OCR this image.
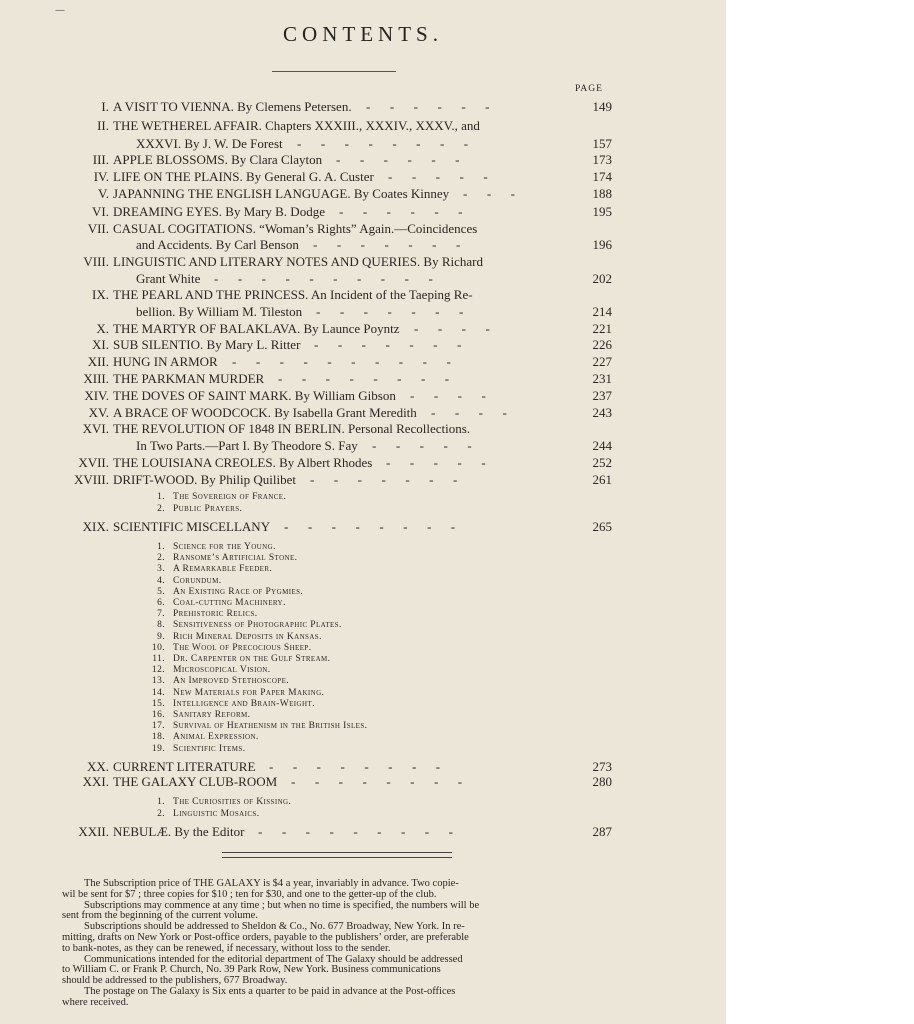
—
CONTENTS.
PAGE
I. A VISIT TO VIENNA. By Clemens Petersen.	149
-      -      -      -      -      -
II. THE WETHEREL AFFAIR. Chapters XXXIII., XXXIV., XXXV., and
XXXVI. By J. W. De Forest	157
-      -      -      -      -      -      -      -
III. APPLE BLOSSOMS. By Clara Clayton	173
-      -      -      -      -      -
IV. LIFE ON THE PLAINS. By General G. A. Custer	174
-      -      -      -      -
V. JAPANNING THE ENGLISH LANGUAGE. By Coates Kinney	188
-      -      -
VI. DREAMING EYES. By Mary B. Dodge	195
-      -      -      -      -      -
VII. CASUAL COGITATIONS. “Woman’s Rights” Again.—Coincidences
and Accidents. By Carl Benson	196
-      -      -      -      -      -      -
VIII. LINGUISTIC AND LITERARY NOTES AND QUERIES. By Richard
Grant White	202
-      -      -      -      -      -      -      -      -      -
IX. THE PEARL AND THE PRINCESS. An Incident of the Taeping Re-
bellion. By William M. Tileston	214
-      -      -      -      -      -      -
X. THE MARTYR OF BALAKLAVA. By Launce Poyntz	221
-      -      -      -
XI. SUB SILENTIO. By Mary L. Ritter	226
-      -      -      -      -      -      -
XII. HUNG IN ARMOR	227
-      -      -      -      -      -      -      -      -      -
XIII. THE PARKMAN MURDER	231
-      -      -      -      -      -      -      -
XIV. THE DOVES OF SAINT MARK. By William Gibson	237
-      -      -      -
XV. A BRACE OF WOODCOCK. By Isabella Grant Meredith	243
-      -      -      -
XVI. THE REVOLUTION OF 1848 IN BERLIN. Personal Recollections.
In Two Parts.—Part I. By Theodore S. Fay	244
-      -      -      -      -
XVII. THE LOUISIANA CREOLES. By Albert Rhodes	252
-      -      -      -      -
XVIII. DRIFT-WOOD. By Philip Quilibet	261
-      -      -      -      -      -      -
XIX. SCIENTIFIC MISCELLANY	265
-      -      -      -      -      -      -      -
XX. CURRENT LITERATURE	273
-      -      -      -      -      -      -      -
XXI. THE GALAXY CLUB-ROOM	280
-      -      -      -      -      -      -      -
XXII. NEBULÆ. By the Editor	287
-      -      -      -      -      -      -      -      -
1. The Sovereign of France.
2. Public Prayers.
1. Science for the Young.
2. Ransome’s Artificial Stone.
3. A Remarkable Feeder.
4. Corundum.
5. An Existing Race of Pygmies.
6. Coal-cutting Machinery.
7. Prehistoric Relics.
8. Sensitiveness of Photographic Plates.
9. Rich Mineral Deposits in Kansas.
10. The Wool of Precocious Sheep.
11. Dr. Carpenter on the Gulf Stream.
12. Microscopical Vision.
13. An Improved Stethoscope.
14. New Materials for Paper Making.
15. Intelligence and Brain-Weight.
16. Sanitary Reform.
17. Survival of Heathenism in the British Isles.
18. Animal Expression.
19. Scientific Items.
1. The Curiosities of Kissing.
2. Linguistic Mosaics.
The Subscription price of THE GALAXY is $4 a year, invariably in advance. Two copie-
wil be sent for $7 ; three copies for $10 ; ten for $30, and one to the getter-up of the club.
Subscriptions may commence at any time ; but when no time is specified, the numbers will be
sent from the beginning of the current volume.
Subscriptions should be addressed to Sheldon & Co., No. 677 Broadway, New York. In re-
mitting, drafts on New York or Post-office orders, payable to the publishers’ order, are preferable
to bank-notes, as they can be renewed, if necessary, without loss to the sender.
Communications intended for the editorial department of The Galaxy should be addressed
to William C. or Frank P. Church, No. 39 Park Row, New York. Business communications
should be addressed to the publishers, 677 Broadway.
The postage on The Galaxy is Six ents a quarter to be paid in advance at the Post-offices
where received.
